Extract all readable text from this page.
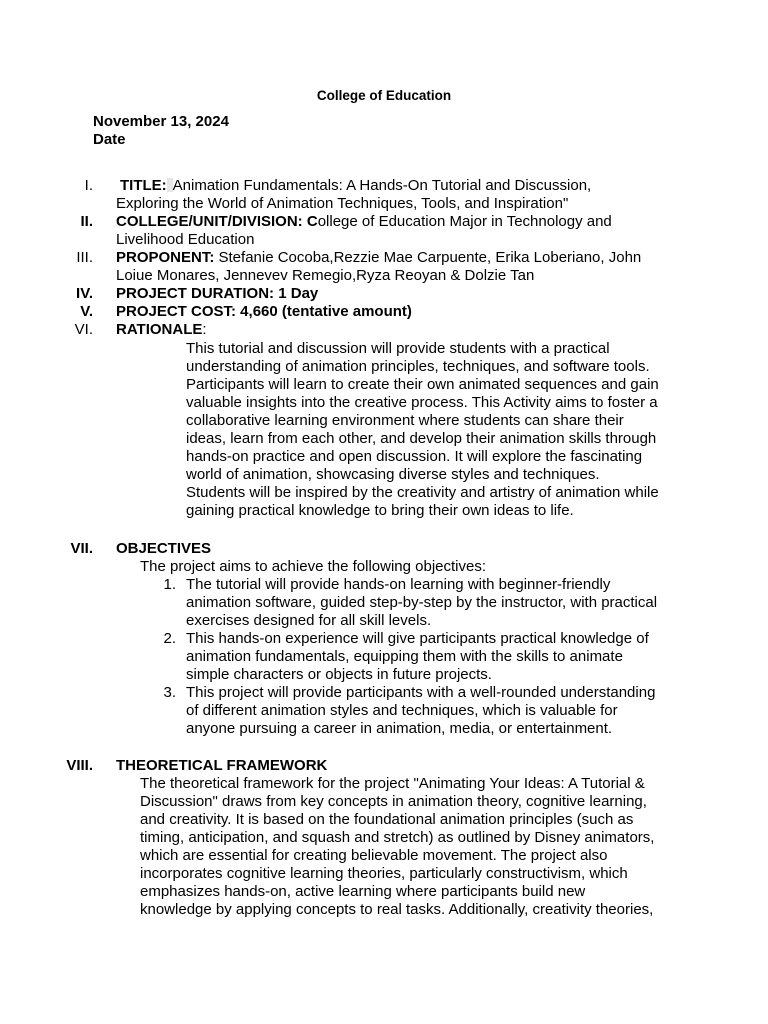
College of Education
November 13, 2024
Date
I. TITLE: Animation Fundamentals: A Hands-On Tutorial and Discussion,
Exploring the World of Animation Techniques, Tools, and Inspiration"
II. COLLEGE/UNIT/DIVISION: College of Education Major in Technology and
Livelihood Education
III. PROPONENT: Stefanie Cocoba,Rezzie Mae Carpuente, Erika Loberiano, John
Loiue Monares, Jennevev Remegio,Ryza Reoyan & Dolzie Tan
IV. PROJECT DURATION: 1 Day
V. PROJECT COST: 4,660 (tentative amount)
VI. RATIONALE:
This tutorial and discussion will provide students with a practical
understanding of animation principles, techniques, and software tools.
Participants will learn to create their own animated sequences and gain
valuable insights into the creative process. This Activity aims to foster a
collaborative learning environment where students can share their
ideas, learn from each other, and develop their animation skills through
hands-on practice and open discussion. It will explore the fascinating
world of animation, showcasing diverse styles and techniques.
Students will be inspired by the creativity and artistry of animation while
gaining practical knowledge to bring their own ideas to life.
VII. OBJECTIVES
The project aims to achieve the following objectives:
1. The tutorial will provide hands-on learning with beginner-friendly
animation software, guided step-by-step by the instructor, with practical
exercises designed for all skill levels.
2. This hands-on experience will give participants practical knowledge of
animation fundamentals, equipping them with the skills to animate
simple characters or objects in future projects.
3. This project will provide participants with a well-rounded understanding
of different animation styles and techniques, which is valuable for
anyone pursuing a career in animation, media, or entertainment.
VIII. THEORETICAL FRAMEWORK
The theoretical framework for the project "Animating Your Ideas: A Tutorial &
Discussion" draws from key concepts in animation theory, cognitive learning,
and creativity. It is based on the foundational animation principles (such as
timing, anticipation, and squash and stretch) as outlined by Disney animators,
which are essential for creating believable movement. The project also
incorporates cognitive learning theories, particularly constructivism, which
emphasizes hands-on, active learning where participants build new
knowledge by applying concepts to real tasks. Additionally, creativity theories,
